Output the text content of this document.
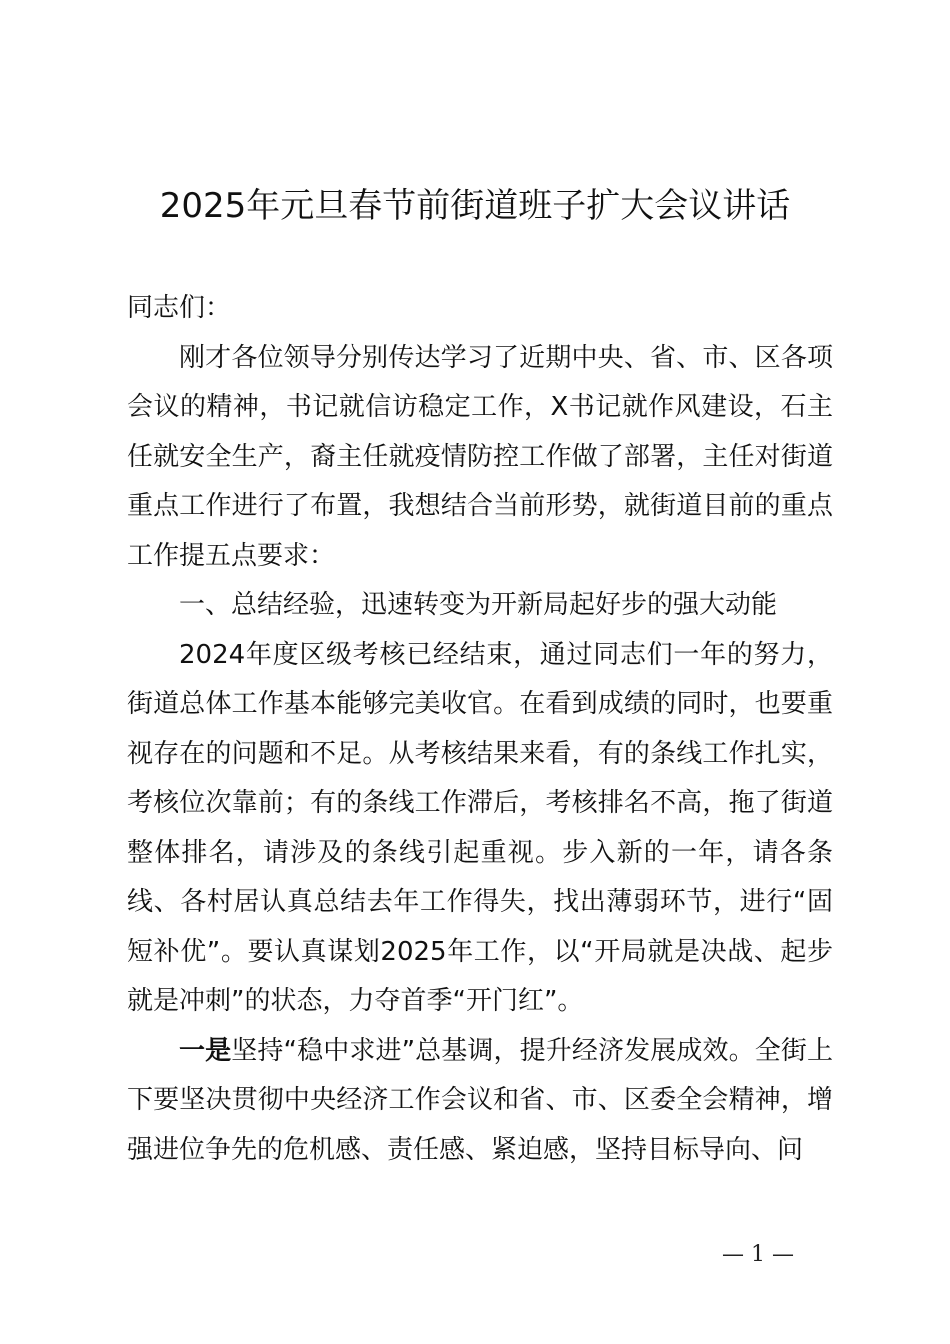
2025年元旦春节前街道班子扩大会议讲话

同志们：

刚才各位领导分别传达学习了近期中央、省、市、区各项会议的精神，书记就信访稳定工作，X书记就作风建设，石主任就安全生产，裔主任就疫情防控工作做了部署，主任对街道重点工作进行了布置，我想结合当前形势，就街道目前的重点工作提五点要求：

一、总结经验，迅速转变为开新局起好步的强大动能

2024年度区级考核已经结束，通过同志们一年的努力，街道总体工作基本能够完美收官。在看到成绩的同时，也要重视存在的问题和不足。从考核结果来看，有的条线工作扎实，考核位次靠前；有的条线工作滞后，考核排名不高，拖了街道整体排名，请涉及的条线引起重视。步入新的一年，请各条线、各村居认真总结去年工作得失，找出薄弱环节，进行“固短补优”。要认真谋划2025年工作，以“开局就是决战、起步就是冲刺”的状态，力夺首季“开门红”。

一是坚持“稳中求进”总基调，提升经济发展成效。全街上下要坚决贯彻中央经济工作会议和省、市、区委全会精神，增强进位争先的危机感、责任感、紧迫感，坚持目标导向、问

— 1 —
